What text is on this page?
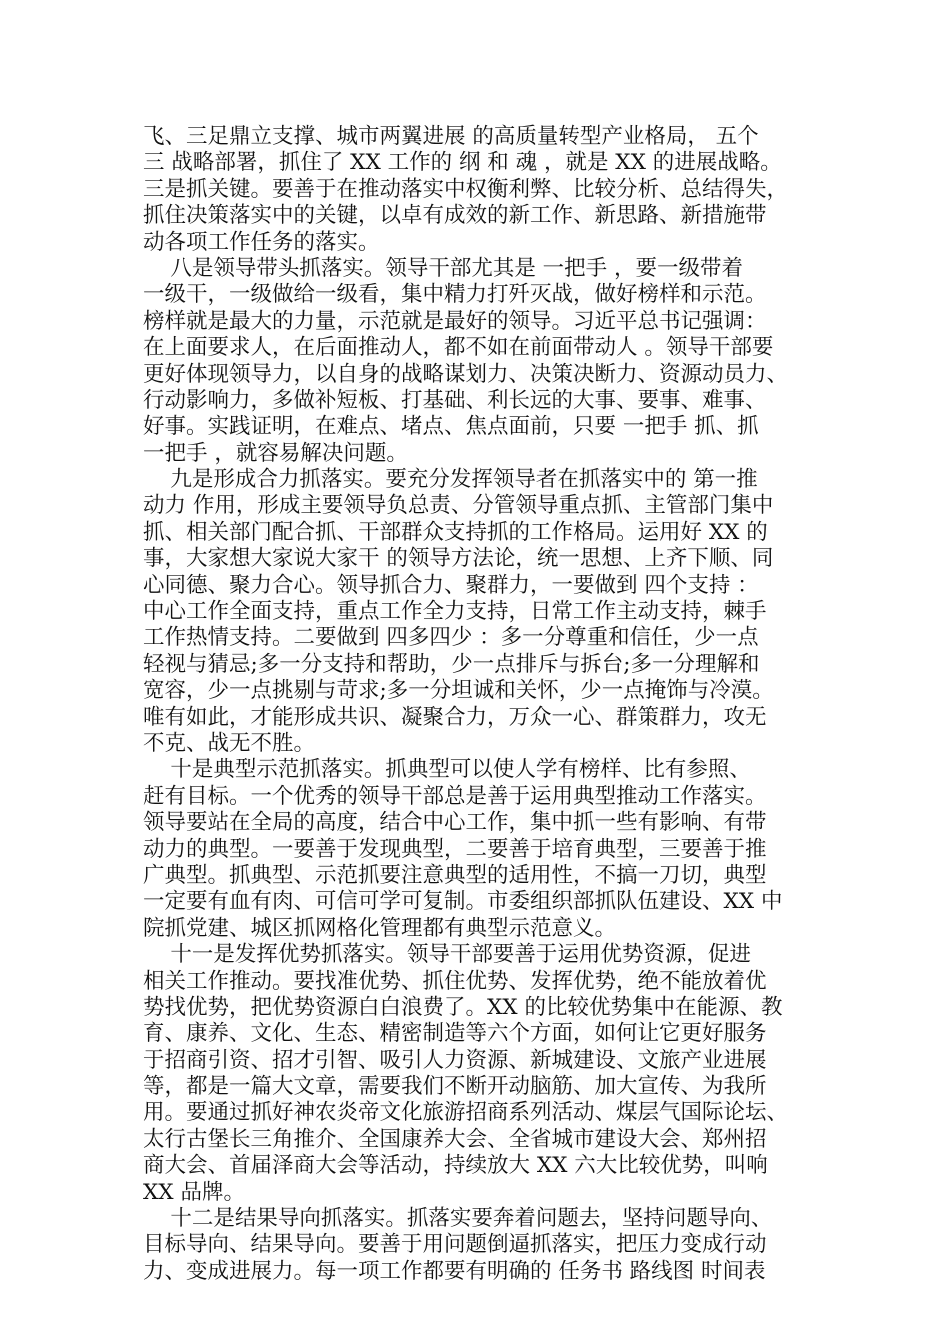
飞、三足鼎立支撑、城市两翼进展 的高质量转型产业格局， 五个
三 战略部署，抓住了 XX 工作的 纲 和 魂 ，就是 XX 的进展战略。
三是抓关键。要善于在推动落实中权衡利弊、比较分析、总结得失，
抓住决策落实中的关键，以卓有成效的新工作、新思路、新措施带
动各项工作任务的落实。
八是领导带头抓落实。领导干部尤其是 一把手 ，要一级带着
一级干，一级做给一级看，集中精力打歼灭战，做好榜样和示范。
榜样就是最大的力量，示范就是最好的领导。习近平总书记强调：
在上面要求人，在后面推动人，都不如在前面带动人 。领导干部要
更好体现领导力，以自身的战略谋划力、决策决断力、资源动员力、
行动影响力，多做补短板、打基础、利长远的大事、要事、难事、
好事。实践证明，在难点、堵点、焦点面前，只要 一把手 抓、抓
一把手 ，就容易解决问题。
九是形成合力抓落实。要充分发挥领导者在抓落实中的 第一推
动力 作用，形成主要领导负总责、分管领导重点抓、主管部门集中
抓、相关部门配合抓、干部群众支持抓的工作格局。运用好 XX 的
事，大家想大家说大家干 的领导方法论，统一思想、上齐下顺、同
心同德、聚力合心。领导抓合力、聚群力，一要做到 四个支持 ：
中心工作全面支持，重点工作全力支持，日常工作主动支持，棘手
工作热情支持。二要做到 四多四少 ：多一分尊重和信任，少一点
轻视与猜忌;多一分支持和帮助，少一点排斥与拆台;多一分理解和
宽容，少一点挑剔与苛求;多一分坦诚和关怀，少一点掩饰与冷漠。
唯有如此，才能形成共识、凝聚合力，万众一心、群策群力，攻无
不克、战无不胜。
十是典型示范抓落实。抓典型可以使人学有榜样、比有参照、
赶有目标。一个优秀的领导干部总是善于运用典型推动工作落实。
领导要站在全局的高度，结合中心工作，集中抓一些有影响、有带
动力的典型。一要善于发现典型，二要善于培育典型，三要善于推
广典型。抓典型、示范抓要注意典型的适用性，不搞一刀切，典型
一定要有血有肉、可信可学可复制。市委组织部抓队伍建设、XX 中
院抓党建、城区抓网格化管理都有典型示范意义。
十一是发挥优势抓落实。领导干部要善于运用优势资源，促进
相关工作推动。要找准优势、抓住优势、发挥优势，绝不能放着优
势找优势，把优势资源白白浪费了。XX 的比较优势集中在能源、教
育、康养、文化、生态、精密制造等六个方面，如何让它更好服务
于招商引资、招才引智、吸引人力资源、新城建设、文旅产业进展
等，都是一篇大文章，需要我们不断开动脑筋、加大宣传、为我所
用。要通过抓好神农炎帝文化旅游招商系列活动、煤层气国际论坛、
太行古堡长三角推介、全国康养大会、全省城市建设大会、郑州招
商大会、首届泽商大会等活动，持续放大 XX 六大比较优势，叫响
XX 品牌。
十二是结果导向抓落实。抓落实要奔着问题去，坚持问题导向、
目标导向、结果导向。要善于用问题倒逼抓落实，把压力变成行动
力、变成进展力。每一项工作都要有明确的 任务书 路线图 时间表
